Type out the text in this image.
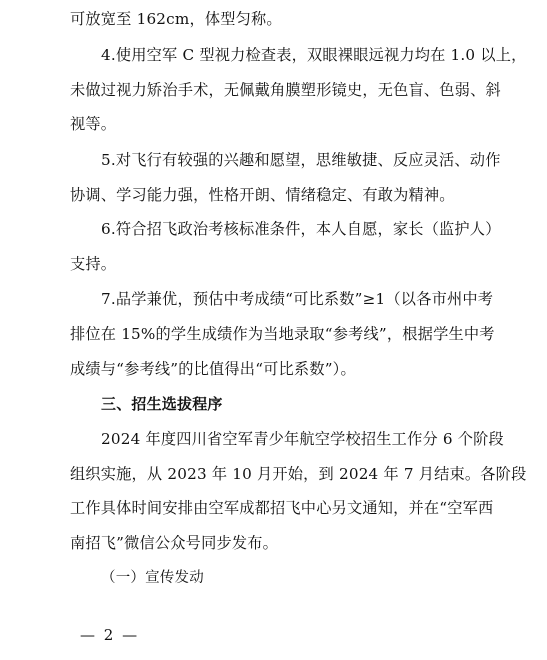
可放宽至 162cm，体型匀称。
4.使用空军 C 型视力检查表，双眼裸眼远视力均在 1.0 以上，
未做过视力矫治手术，无佩戴角膜塑形镜史，无色盲、色弱、斜
视等。
5.对飞行有较强的兴趣和愿望，思维敏捷、反应灵活、动作
协调、学习能力强，性格开朗、情绪稳定、有敢为精神。
6.符合招飞政治考核标准条件，本人自愿，家长（监护人）
支持。
7.品学兼优，预估中考成绩“可比系数”≥1（以各市州中考
排位在 15%的学生成绩作为当地录取“参考线”，根据学生中考
成绩与“参考线”的比值得出“可比系数”）。
三、招生选拔程序
2024 年度四川省空军青少年航空学校招生工作分 6 个阶段
组织实施，从 2023 年 10 月开始，到 2024 年 7 月结束。各阶段
工作具体时间安排由空军成都招飞中心另文通知，并在“空军西
南招飞”微信公众号同步发布。
（一）宣传发动
— 2 —
